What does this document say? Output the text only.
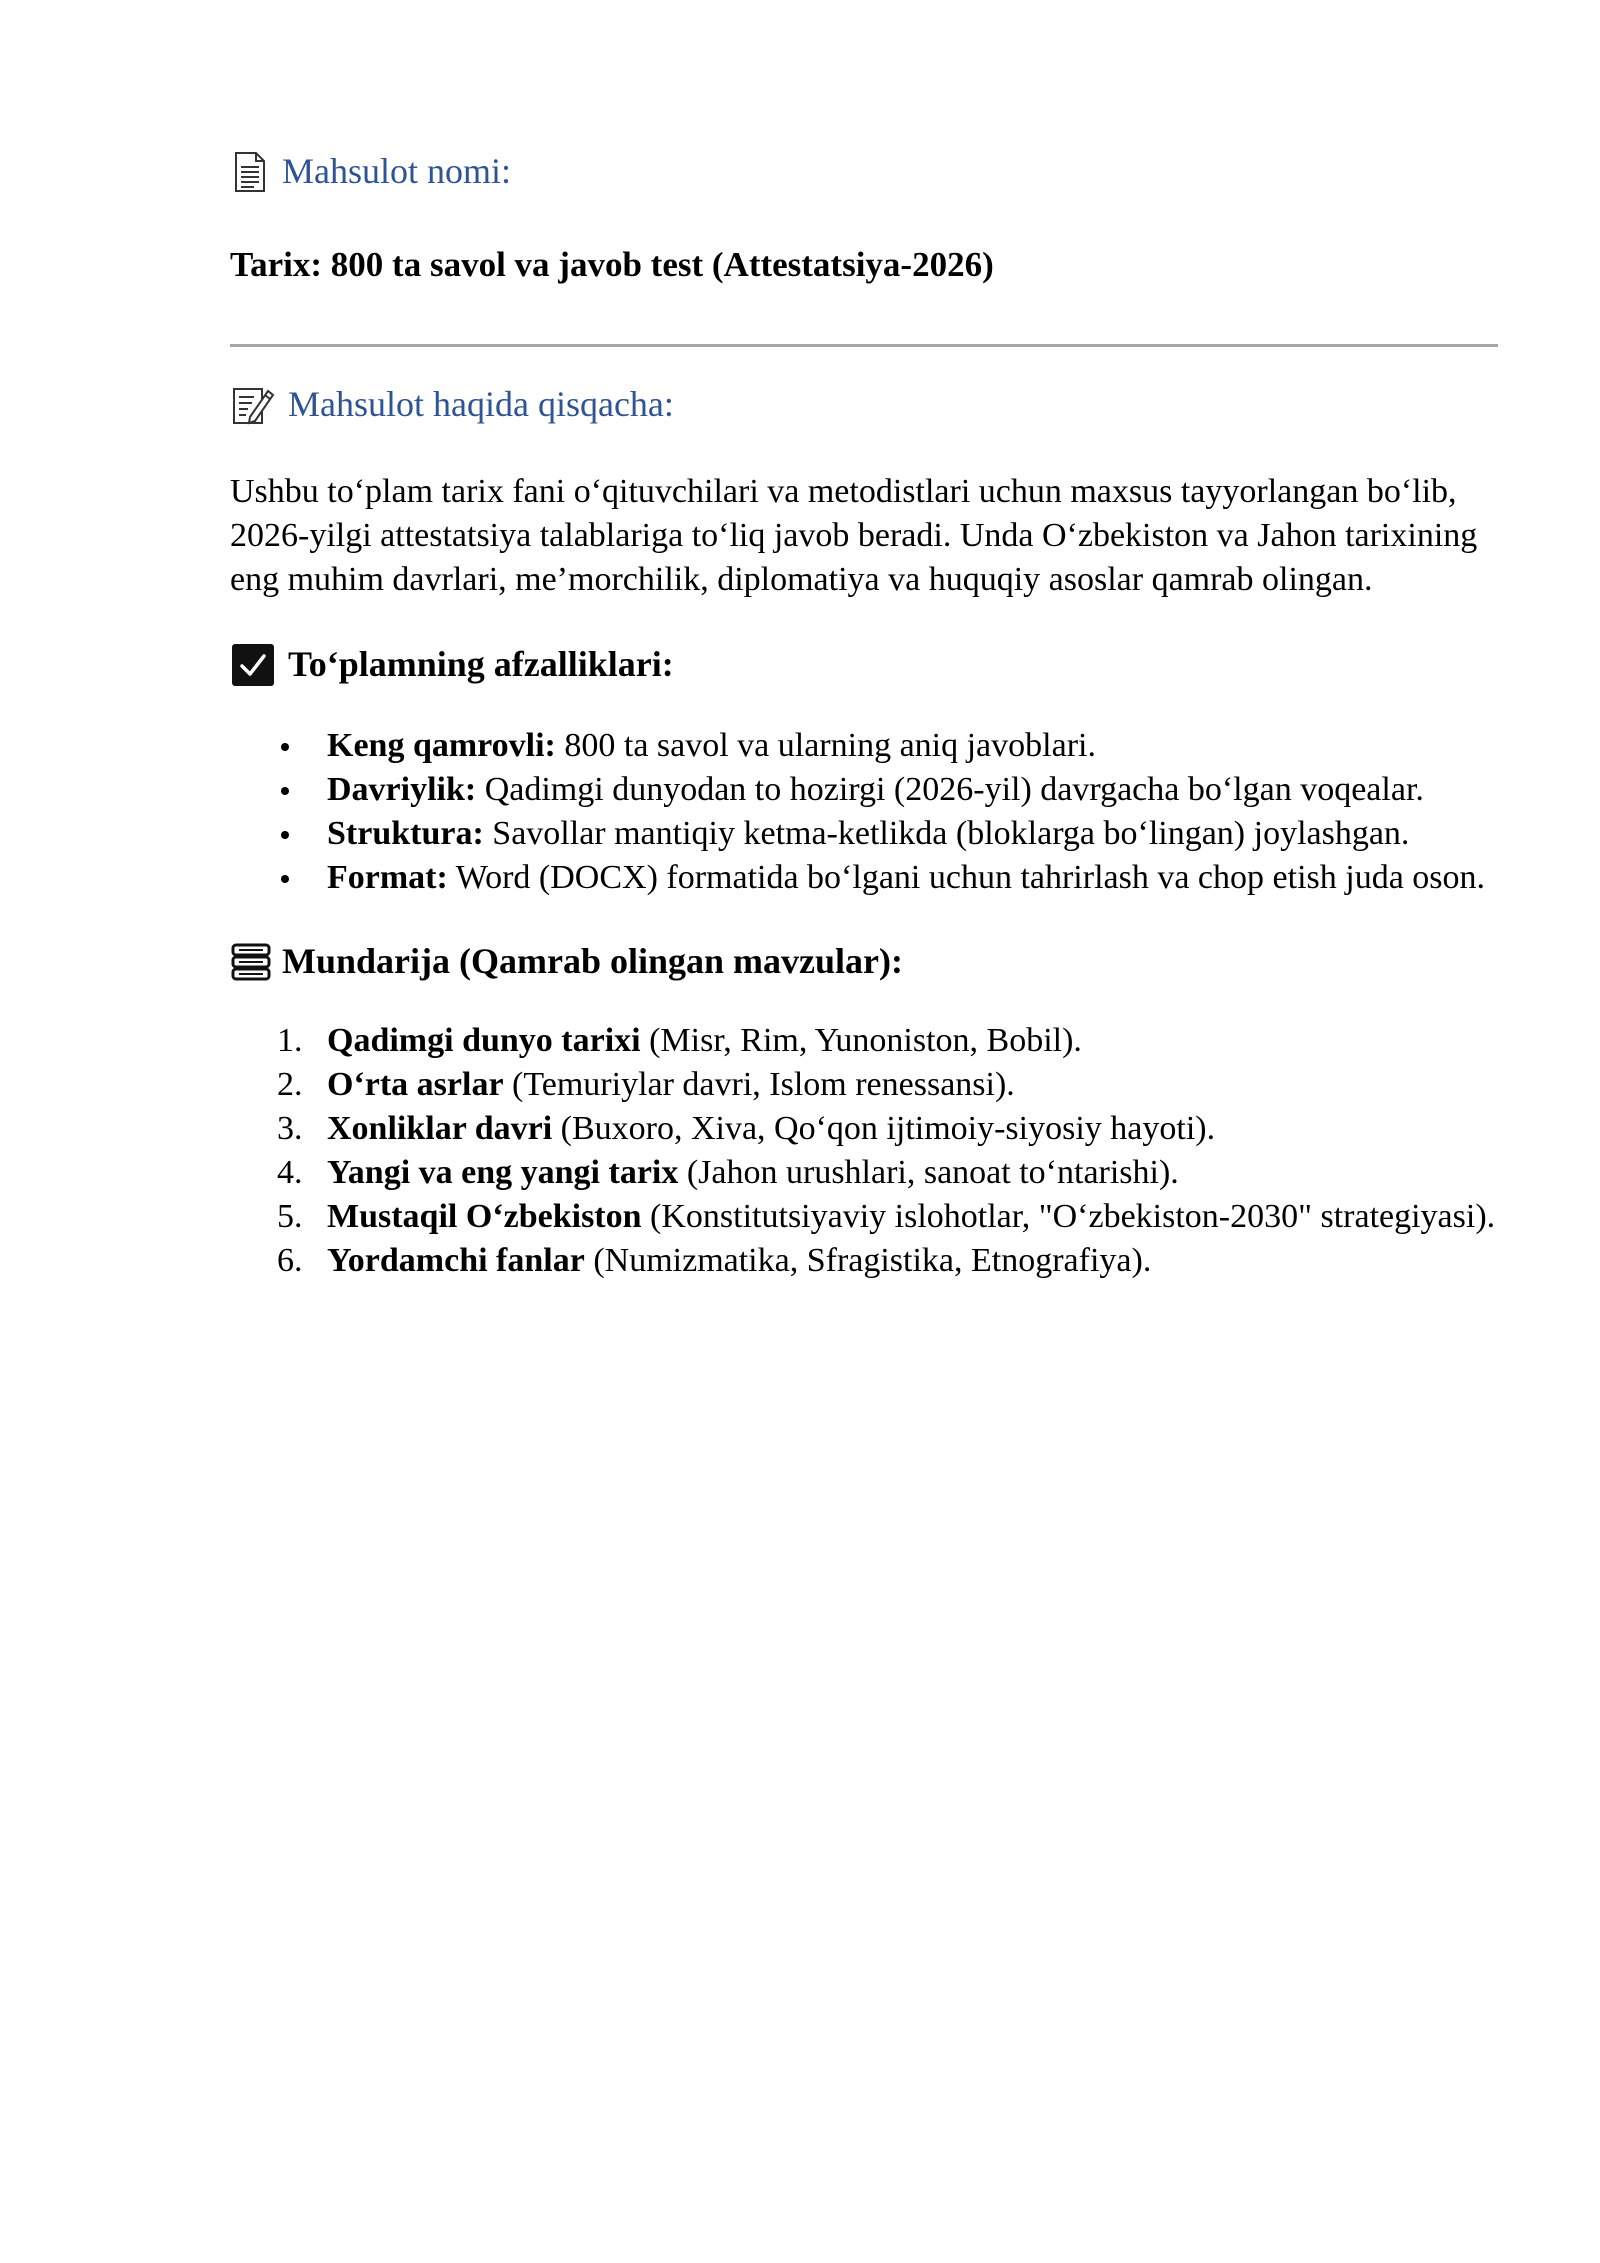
Mahsulot nomi:
Tarix: 800 ta savol va javob test (Attestatsiya-2026)
Mahsulot haqida qisqacha:
Ushbu to‘plam tarix fani o‘qituvchilari va metodistlari uchun maxsus tayyorlangan bo‘lib, 2026-yilgi attestatsiya talablariga to‘liq javob beradi. Unda O‘zbekiston va Jahon tarixining eng muhim davrlari, me’morchilik, diplomatiya va huquqiy asoslar qamrab olingan.
To‘plamning afzalliklari:
Keng qamrovli: 800 ta savol va ularning aniq javoblari.
Davriylik: Qadimgi dunyodan to hozirgi (2026-yil) davrgacha bo‘lgan voqealar.
Struktura: Savollar mantiqiy ketma-ketlikda (bloklarga bo‘lingan) joylashgan.
Format: Word (DOCX) formatida bo‘lgani uchun tahrirlash va chop etish juda oson.
Mundarija (Qamrab olingan mavzular):
1. Qadimgi dunyo tarixi (Misr, Rim, Yunoniston, Bobil).
2. O‘rta asrlar (Temuriylar davri, Islom renessansi).
3. Xonliklar davri (Buxoro, Xiva, Qo‘qon ijtimoiy-siyosiy hayoti).
4. Yangi va eng yangi tarix (Jahon urushlari, sanoat to‘ntarishi).
5. Mustaqil O‘zbekiston (Konstitutsiyaviy islohotlar, "O‘zbekiston-2030" strategiyasi).
6. Yordamchi fanlar (Numizmatika, Sfragistika, Etnografiya).
